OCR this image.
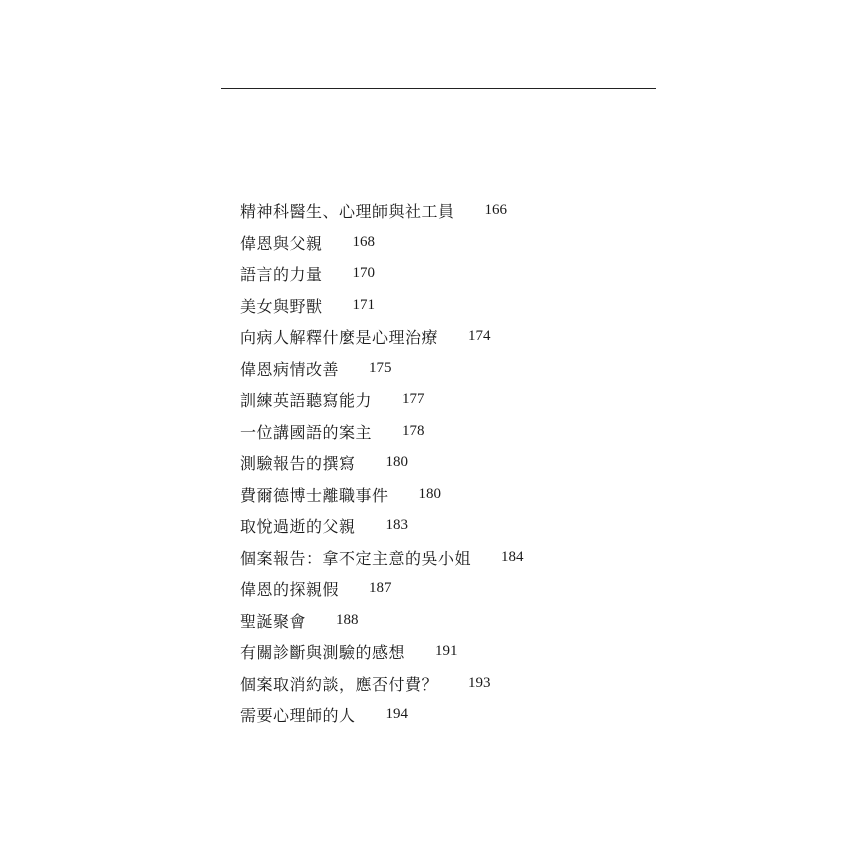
精神科醫生、心理師與社工員 166
偉恩與父親 168
語言的力量 170
美女與野獸 171
向病人解釋什麼是心理治療 174
偉恩病情改善 175
訓練英語聽寫能力 177
一位講國語的案主 178
測驗報告的撰寫 180
費爾德博士離職事件 180
取悅過逝的父親 183
個案報告：拿不定主意的吳小姐 184
偉恩的探親假 187
聖誕聚會 188
有關診斷與測驗的感想 191
個案取消約談，應否付費？ 193
需要心理師的人 194
